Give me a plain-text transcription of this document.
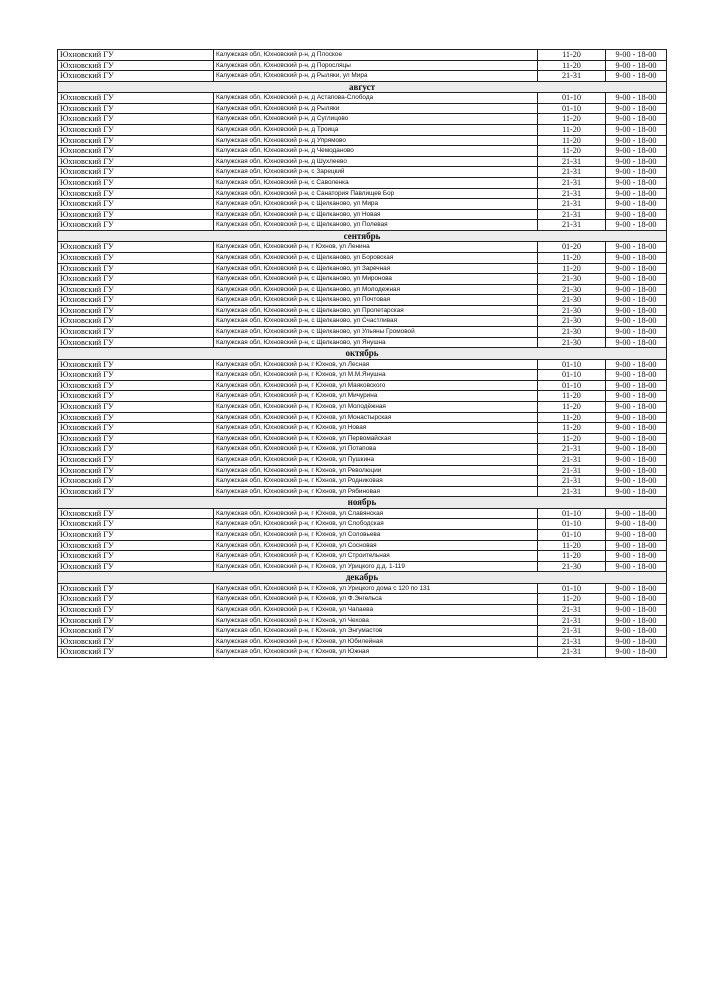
Юхновский ГУ	Калужская обл, Юхновский р-н, д Плоское	11-20	9-00 - 18-00
Юхновский ГУ	Калужская обл, Юхновский р-н, д Поросляцы	11-20	9-00 - 18-00
Юхновский ГУ	Калужская обл, Юхновский р-н, д Рыляки, ул Мира	21-31	9-00 - 18-00
август			
Юхновский ГУ	Калужская обл, Юхновский р-н, д Астапова-Слобода	01-10	9-00 - 18-00
Юхновский ГУ	Калужская обл, Юхновский р-н, д Рыляки	01-10	9-00 - 18-00
Юхновский ГУ	Калужская обл, Юхновский р-н, д Суглицово	11-20	9-00 - 18-00
Юхновский ГУ	Калужская обл, Юхновский р-н, д Троица	11-20	9-00 - 18-00
Юхновский ГУ	Калужская обл, Юхновский р-н, д Упрямово	11-20	9-00 - 18-00
Юхновский ГУ	Калужская обл, Юхновский р-н, д Чемоданово	11-20	9-00 - 18-00
Юхновский ГУ	Калужская обл, Юхновский р-н, д Шухлеево	21-31	9-00 - 18-00
Юхновский ГУ	Калужская обл, Юхновский р-н, с Зарецкий	21-31	9-00 - 18-00
Юхновский ГУ	Калужская обл, Юхновский р-н, с Саволенка	21-31	9-00 - 18-00
Юхновский ГУ	Калужская обл, Юхновский р-н, с Санатория Павлищев Бор	21-31	9-00 - 18-00
Юхновский ГУ	Калужская обл, Юхновский р-н, с Щелканово, ул Мира	21-31	9-00 - 18-00
Юхновский ГУ	Калужская обл, Юхновский р-н, с Щелканово, ул Новая	21-31	9-00 - 18-00
Юхновский ГУ	Калужская обл, Юхновский р-н, с Щелканово, ул Полевая	21-31	9-00 - 18-00
сентябрь			
Юхновский ГУ	Калужская обл, Юхновский р-н, г Юхнов, ул Ленина	01-20	9-00 - 18-00
Юхновский ГУ	Калужская обл, Юхновский р-н, с Щелканово, ул Боровская	11-20	9-00 - 18-00
Юхновский ГУ	Калужская обл, Юхновский р-н, с Щелканово, ул Заречная	11-20	9-00 - 18-00
Юхновский ГУ	Калужская обл, Юхновский р-н, с Щелканово, ул Миронова	21-30	9-00 - 18-00
Юхновский ГУ	Калужская обл, Юхновский р-н, с Щелканово, ул Молодежная	21-30	9-00 - 18-00
Юхновский ГУ	Калужская обл, Юхновский р-н, с Щелканово, ул Почтовая	21-30	9-00 - 18-00
Юхновский ГУ	Калужская обл, Юхновский р-н, с Щелканово, ул Пролетарская	21-30	9-00 - 18-00
Юхновский ГУ	Калужская обл, Юхновский р-н, с Щелканово, ул Счастливая	21-30	9-00 - 18-00
Юхновский ГУ	Калужская обл, Юхновский р-н, с Щелканово, ул Ульяны Громовой	21-30	9-00 - 18-00
Юхновский ГУ	Калужская обл, Юхновский р-н, с Щелканово, ул Янушна	21-30	9-00 - 18-00
октябрь			
Юхновский ГУ	Калужская обл, Юхновский р-н, г Юхнов, ул Лесная	01-10	9-00 - 18-00
Юхновский ГУ	Калужская обл, Юхновский р-н, г Юхнов, ул М.М.Янушна	01-10	9-00 - 18-00
Юхновский ГУ	Калужская обл, Юхновский р-н, г Юхнов, ул Маяковского	01-10	9-00 - 18-00
Юхновский ГУ	Калужская обл, Юхновский р-н, г Юхнов, ул Мичурина	11-20	9-00 - 18-00
Юхновский ГУ	Калужская обл, Юхновский р-н, г Юхнов, ул Молодёжная	11-20	9-00 - 18-00
Юхновский ГУ	Калужская обл, Юхновский р-н, г Юхнов, ул Монастырская	11-20	9-00 - 18-00
Юхновский ГУ	Калужская обл, Юхновский р-н, г Юхнов, ул Новая	11-20	9-00 - 18-00
Юхновский ГУ	Калужская обл, Юхновский р-н, г Юхнов, ул Первомайская	11-20	9-00 - 18-00
Юхновский ГУ	Калужская обл, Юхновский р-н, г Юхнов, ул Потапова	21-31	9-00 - 18-00
Юхновский ГУ	Калужская обл, Юхновский р-н, г Юхнов, ул Пушкина	21-31	9-00 - 18-00
Юхновский ГУ	Калужская обл, Юхновский р-н, г Юхнов, ул Революции	21-31	9-00 - 18-00
Юхновский ГУ	Калужская обл, Юхновский р-н, г Юхнов, ул Родниковая	21-31	9-00 - 18-00
Юхновский ГУ	Калужская обл, Юхновский р-н, г Юхнов, ул Рябиновая	21-31	9-00 - 18-00
ноябрь			
Юхновский ГУ	Калужская обл, Юхновский р-н, г Юхнов, ул Славянская	01-10	9-00 - 18-00
Юхновский ГУ	Калужская обл, Юхновский р-н, г Юхнов, ул Слободская	01-10	9-00 - 18-00
Юхновский ГУ	Калужская обл, Юхновский р-н, г Юхнов, ул Соловьева	01-10	9-00 - 18-00
Юхновский ГУ	Калужская обл, Юхновский р-н, г Юхнов, ул Сосновая	11-20	9-00 - 18-00
Юхновский ГУ	Калужская обл, Юхновский р-н, г Юхнов, ул Строительная	11-20	9-00 - 18-00
Юхновский ГУ	Калужская обл, Юхновский р-н, г Юхнов, ул Урицкого д.д. 1-119	21-30	9-00 - 18-00
декабрь			
Юхновский ГУ	Калужская обл, Юхновский р-н, г Юхнов, ул Урицкого дома с 120 по 131	01-10	9-00 - 18-00
Юхновский ГУ	Калужская обл, Юхновский р-н, г Юхнов, ул Ф.Энгельса	11-20	9-00 - 18-00
Юхновский ГУ	Калужская обл, Юхновский р-н, г Юхнов, ул Чапаева	21-31	9-00 - 18-00
Юхновский ГУ	Калужская обл, Юхновский р-н, г Юхнов, ул Чехова	21-31	9-00 - 18-00
Юхновский ГУ	Калужская обл, Юхновский р-н, г Юхнов, ул Энгумастов	21-31	9-00 - 18-00
Юхновский ГУ	Калужская обл, Юхновский р-н, г Юхнов, ул Юбилейная	21-31	9-00 - 18-00
Юхновский ГУ	Калужская обл, Юхновский р-н, г Юхнов, ул Южная	21-31	9-00 - 18-00
